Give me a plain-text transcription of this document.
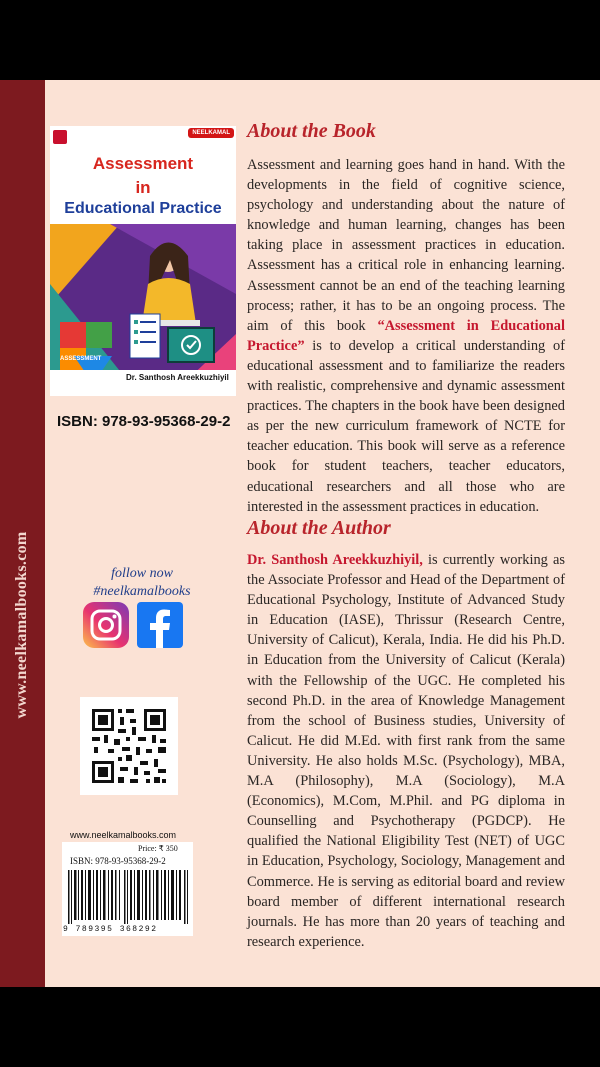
www.neelkamalbooks.com
NEELKAMAL
Assessment
in
Educational Practice
ASSESSMENT
Dr. Santhosh Areekkuzhiyil
ISBN: 978-93-95368-29-2
About the Book
Assessment and learning goes hand in hand. With the developments in the field of cognitive science, psychology and understanding about the nature of knowledge and human learning, changes has been taking place in assessment practices in education. Assessment has a critical role in enhancing learning. Assessment cannot be an end of the teaching learning process; rather, it has to be an ongoing process. The aim of this book “Assessment in Educational Practice” is to develop a critical understanding of educational assessment and to familiarize the readers with realistic, comprehensive and dynamic assessment practices. The chapters in the book have been designed as per the new curriculum framework of NCTE for teacher education. This book will serve as a reference book for student teachers, teacher educators, educational researchers and all those who are interested in the assessment practices in education.
About the Author
Dr. Santhosh Areekkuzhiyil, is currently working as the Associate Professor and Head of the Department of Educational Psychology, Institute of Advanced Study in Education (IASE), Thrissur (Research Centre, University of Calicut), Kerala, India. He did his Ph.D. in Education from the University of Calicut (Kerala) with the Fellowship of the UGC. He completed his second Ph.D. in the area of Knowledge Management from the school of Business studies, University of Calicut. He did M.Ed. with first rank from the same University. He also holds M.Sc. (Psychology), MBA, M.A (Philosophy), M.A (Sociology), M.A (Economics), M.Com, M.Phil. and PG diploma in Counselling and Psychotherapy (PGDCP). He qualified the National Eligibility Test (NET) of UGC in Education, Psychology, Sociology, Management and Commerce. He is serving as editorial board and review board member of different international research journals. He has more than 20 years of teaching and research experience.
follow now
#neelkamalbooks
www.neelkamalbooks.com
Price: ₹ 350
ISBN: 978-93-95368-29-2
9 789395 368292
